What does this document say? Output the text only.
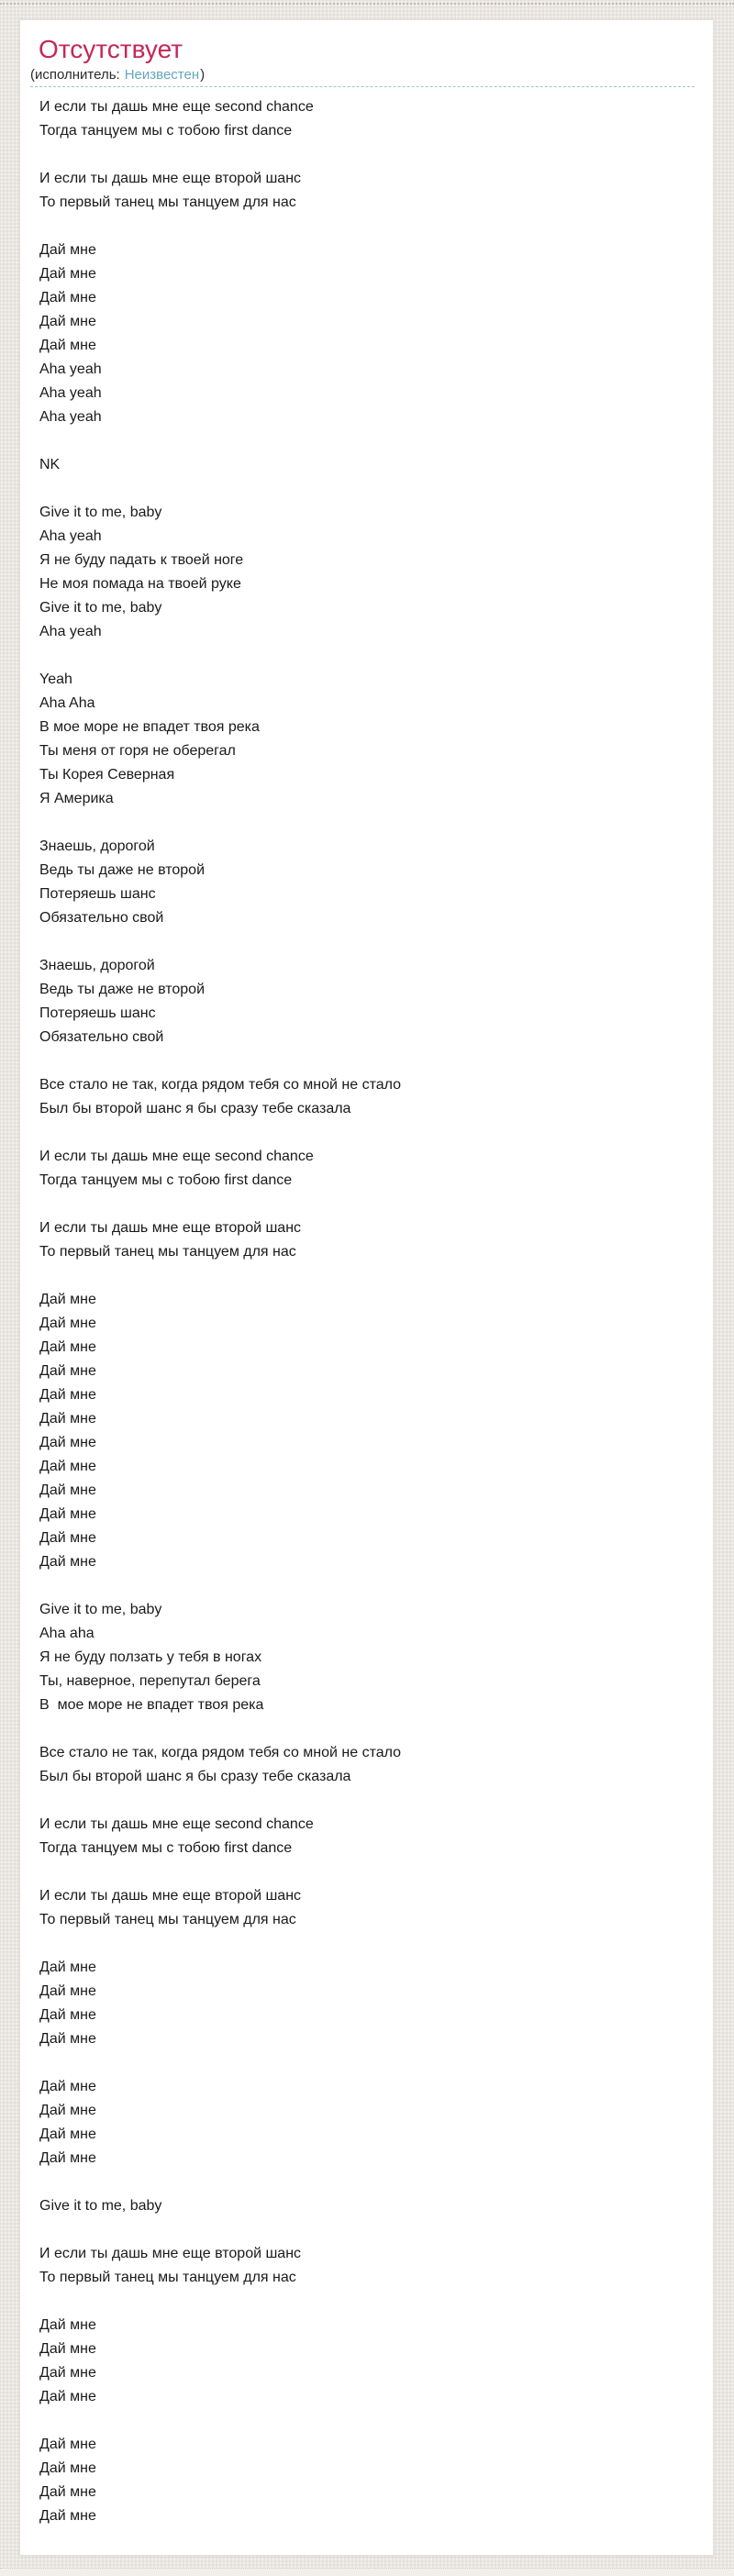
Отсутствует
(исполнитель: Неизвестен)
И если ты дашь мне еще second chance
Тогда танцуем мы с тобою first dance
И если ты дашь мне еще второй шанс
То первый танец мы танцуем для нас
Дай мне
Дай мне
Дай мне
Дай мне
Дай мне
Aha yeah
Aha yeah
Aha yeah
NK
Give it to me, baby
Aha yeah
Я не буду падать к твоей ноге
Не моя помада на твоей руке
Give it to me, baby
Aha yeah
Yeah
Aha Aha
В мое море не впадет твоя река
Ты меня от горя не оберегал
Ты Корея Северная
Я Америка
Знаешь, дорогой
Ведь ты даже не второй
Потеряешь шанс
Обязательно свой
Знаешь, дорогой
Ведь ты даже не второй
Потеряешь шанс
Обязательно свой
Все стало не так, когда рядом тебя со мной не стало
Был бы второй шанс я бы сразу тебе сказала
И если ты дашь мне еще second chance
Тогда танцуем мы с тобою first dance
И если ты дашь мне еще второй шанс
То первый танец мы танцуем для нас
Дай мне
Дай мне
Дай мне
Дай мне
Дай мне
Дай мне
Дай мне
Дай мне
Дай мне
Дай мне
Дай мне
Дай мне
Give it to me, baby
Aha aha
Я не буду ползать у тебя в ногах
Ты, наверное, перепутал берега
В  мое море не впадет твоя река
Все стало не так, когда рядом тебя со мной не стало
Был бы второй шанс я бы сразу тебе сказала
И если ты дашь мне еще second chance
Тогда танцуем мы с тобою first dance
И если ты дашь мне еще второй шанс
То первый танец мы танцуем для нас
Дай мне
Дай мне
Дай мне
Дай мне
Дай мне
Дай мне
Дай мне
Дай мне
Give it to me, baby
И если ты дашь мне еще второй шанс
То первый танец мы танцуем для нас
Дай мне
Дай мне
Дай мне
Дай мне
Дай мне
Дай мне
Дай мне
Дай мне
